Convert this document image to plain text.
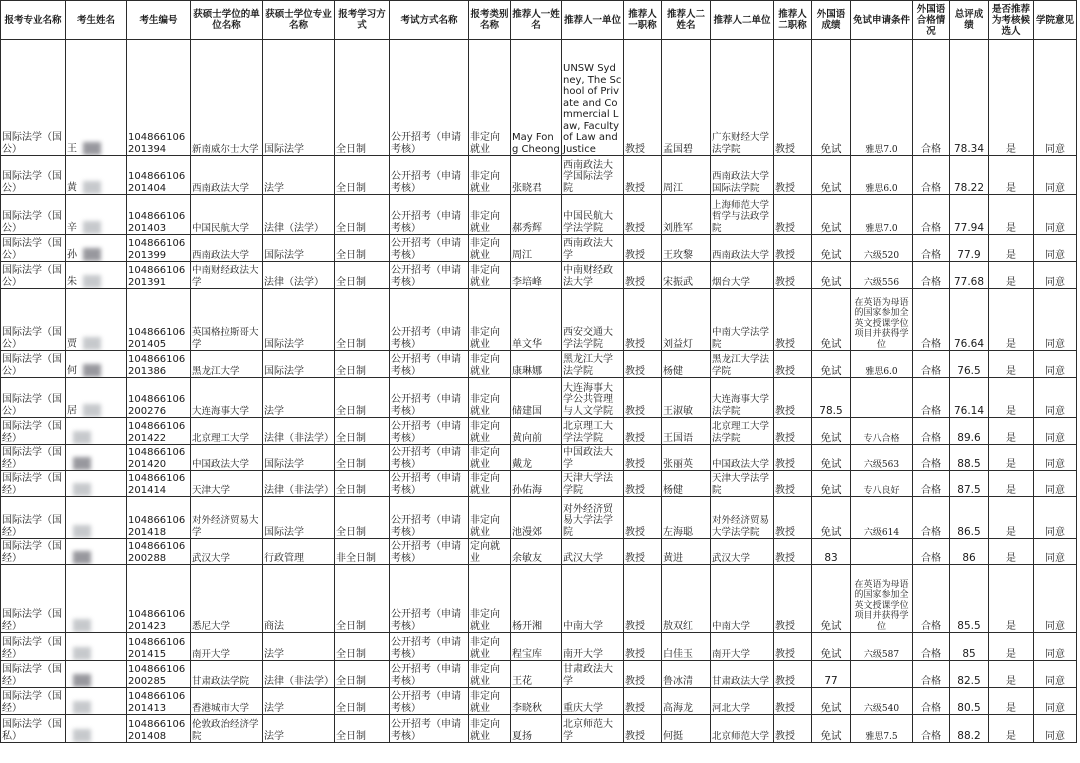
报考专业名称	考生姓名	考生编号	获硕士学位的单位名称	获硕士学位专业名称	报考学习方式	考试方式名称	报考类别名称	推荐人一姓名	推荐人一单位	推荐人一职称	推荐人二姓名	推荐人二单位	推荐人二职称	外国语成绩	免试申请条件	外国语合格情况	总评成绩	是否推荐为考核候选人	学院意见
国际法学（国公）	王	104866106201394	新南威尔士大学	国际法学	全日制	公开招考（申请考核）	非定向就业	May Fong Cheong	UNSW Sydney, The School of Private and Commercial Law, Faculty of Law and Justice	教授	孟国碧	广东财经大学法学院	教授	免试	雅思7.0	合格	78.34	是	同意
国际法学（国公）	黄	104866106201404	西南政法大学	法学	全日制	公开招考（申请考核）	非定向就业	张晓君	西南政法大学国际法学院	教授	周江	西南政法大学国际法学院	教授	免试	雅思6.0	合格	78.22	是	同意
国际法学（国公）	辛	104866106201403	中国民航大学	法律（法学）	全日制	公开招考（申请考核）	非定向就业	郝秀辉	中国民航大学法学院	教授	刘胜军	上海师范大学哲学与法政学院	教授	免试	雅思7.0	合格	77.94	是	同意
国际法学（国公）	孙	104866106201399	西南政法大学	国际法学	全日制	公开招考（申请考核）	非定向就业	周江	西南政法大学	教授	王玫黎	西南政法大学	教授	免试	六级520	合格	77.9	是	同意
国际法学（国公）	朱	104866106201391	中南财经政法大学	法律（法学）	全日制	公开招考（申请考核）	非定向就业	李培峰	中南财经政法大学	教授	宋振武	烟台大学	教授	免试	六级556	合格	77.68	是	同意
国际法学（国公）	贾	104866106201405	英国格拉斯哥大学	国际法学	全日制	公开招考（申请考核）	非定向就业	单文华	西安交通大学法学院	教授	刘益灯	中南大学法学院	教授	免试	在英语为母语的国家参加全英文授课学位项目并获得学位	合格	76.64	是	同意
国际法学（国公）	何	104866106201386	黑龙江大学	国际法学	全日制	公开招考（申请考核）	非定向就业	康琳娜	黑龙江大学法学院	教授	杨健	黑龙江大学法学院	教授	免试	雅思6.0	合格	76.5	是	同意
国际法学（国公）	居	104866106200276	大连海事大学	法学	全日制	公开招考（申请考核）	非定向就业	储建国	大连海事大学公共管理与人文学院	教授	王淑敏	大连海事大学法学院	教授	78.5		合格	76.14	是	同意
国际法学（国经）		104866106201422	北京理工大学	法律（非法学）	全日制	公开招考（申请考核）	非定向就业	黄向前	北京理工大学法学院	教授	王国语	北京理工大学法学院	教授	免试	专八合格	合格	89.6	是	同意
国际法学（国经）		104866106201420	中国政法大学	国际法学	全日制	公开招考（申请考核）	非定向就业	戴龙	中国政法大学	教授	张丽英	中国政法大学	教授	免试	六级563	合格	88.5	是	同意
国际法学（国经）		104866106201414	天津大学	法律（非法学）	全日制	公开招考（申请考核）	非定向就业	孙佑海	天津大学法学院	教授	杨健	天津大学法学院	教授	免试	专八良好	合格	87.5	是	同意
国际法学（国经）		104866106201418	对外经济贸易大学	国际法学	全日制	公开招考（申请考核）	非定向就业	池漫郊	对外经济贸易大学法学院	教授	左海聪	对外经济贸易大学法学院	教授	免试	六级614	合格	86.5	是	同意
国际法学（国经）		104866106200288	武汉大学	行政管理	非全日制	公开招考（申请考核）	定向就业	余敏友	武汉大学	教授	黄进	武汉大学	教授	83		合格	86	是	同意
国际法学（国经）		104866106201423	悉尼大学	商法	全日制	公开招考（申请考核）	非定向就业	杨开湘	中南大学	教授	敖双红	中南大学	教授	免试	在英语为母语的国家参加全英文授课学位项目并获得学位	合格	85.5	是	同意
国际法学（国经）		104866106201415	南开大学	法学	全日制	公开招考（申请考核）	非定向就业	程宝库	南开大学	教授	白佳玉	南开大学	教授	免试	六级587	合格	85	是	同意
国际法学（国经）		104866106200285	甘肃政法学院	法律（非法学）	全日制	公开招考（申请考核）	非定向就业	王花	甘肃政法大学	教授	鲁冰清	甘肃政法大学	教授	77		合格	82.5	是	同意
国际法学（国经）		104866106201413	香港城市大学	法学	全日制	公开招考（申请考核）	非定向就业	李晓秋	重庆大学	教授	高海龙	河北大学	教授	免试	六级540	合格	80.5	是	同意
国际法学（国私）		104866106201408	伦敦政治经济学院	法学	全日制	公开招考（申请考核）	非定向就业	夏扬	北京师范大学	教授	何挺	北京师范大学	教授	免试	雅思7.5	合格	88.2	是	同意
